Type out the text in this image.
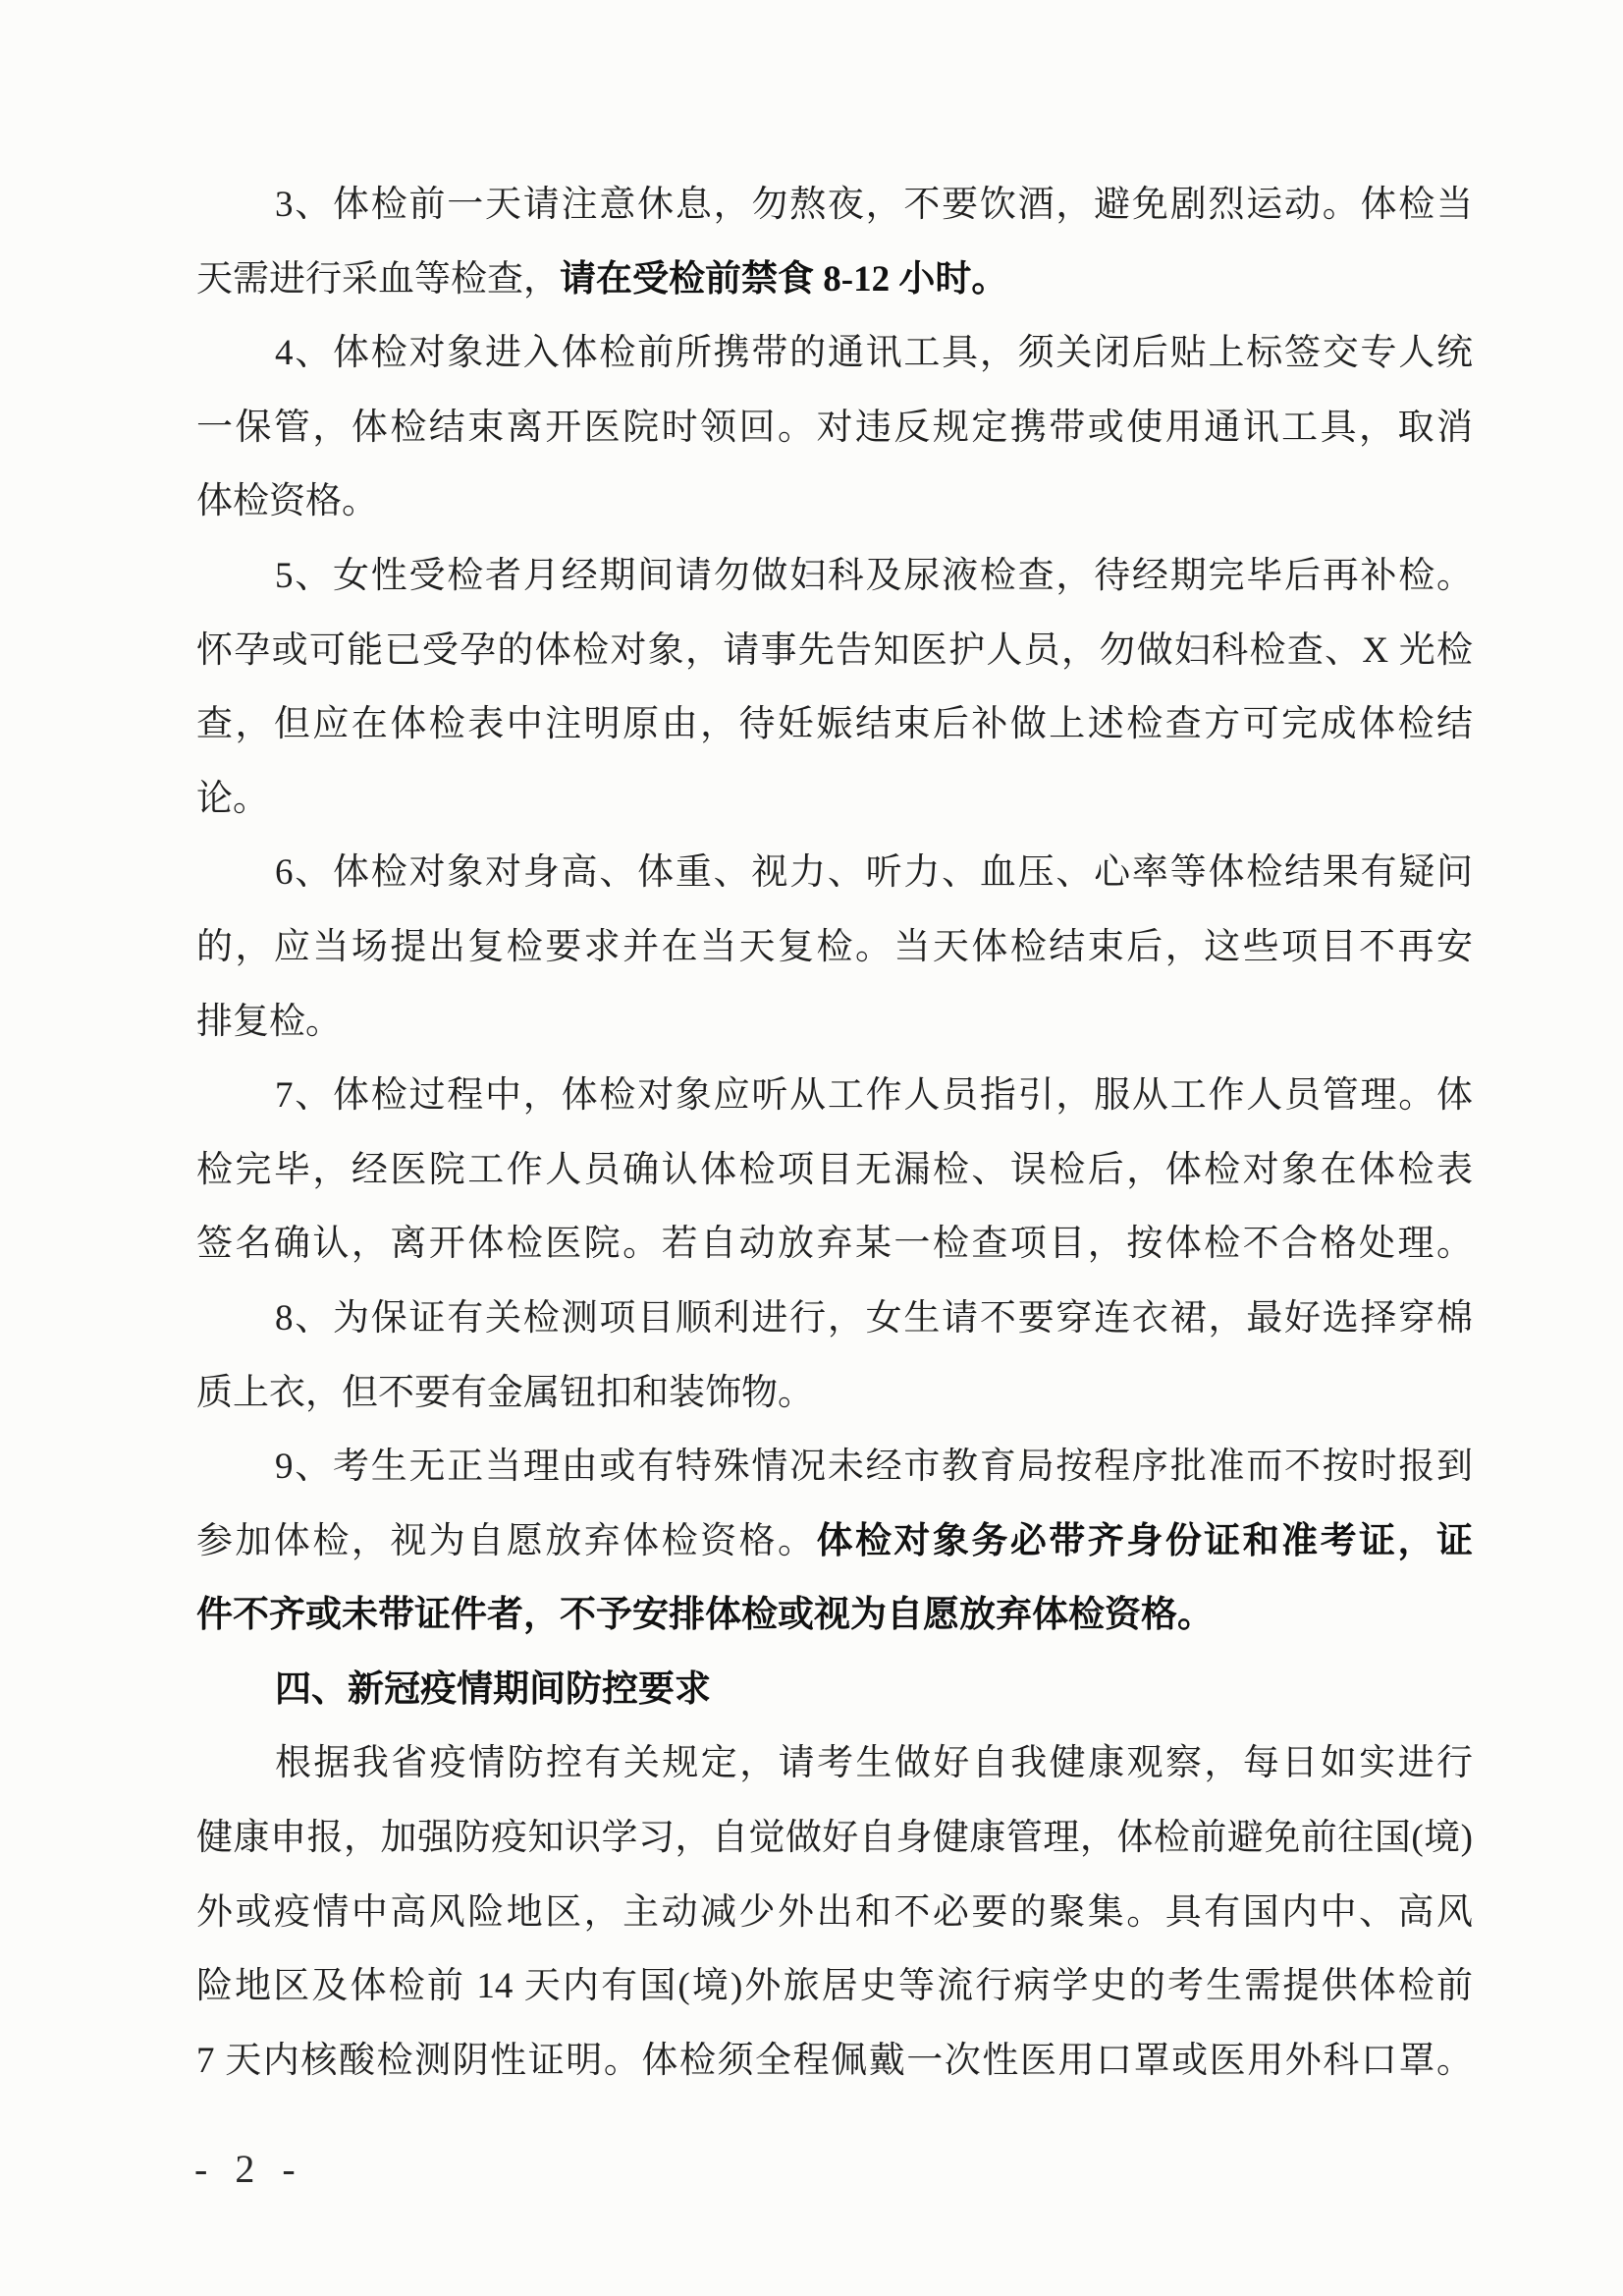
3、体检前一天请注意休息，勿熬夜，不要饮酒，避免剧烈运动。体检当
天需进行采血等检查，请在受检前禁食 8-12 小时。
4、体检对象进入体检前所携带的通讯工具，须关闭后贴上标签交专人统
一保管，体检结束离开医院时领回。对违反规定携带或使用通讯工具，取消
体检资格。
5、女性受检者月经期间请勿做妇科及尿液检查，待经期完毕后再补检。
怀孕或可能已受孕的体检对象，请事先告知医护人员，勿做妇科检查、X 光检
查，但应在体检表中注明原由，待妊娠结束后补做上述检查方可完成体检结
论。
6、体检对象对身高、体重、视力、听力、血压、心率等体检结果有疑问
的，应当场提出复检要求并在当天复检。当天体检结束后，这些项目不再安
排复检。
7、体检过程中，体检对象应听从工作人员指引，服从工作人员管理。体
检完毕，经医院工作人员确认体检项目无漏检、误检后，体检对象在体检表
签名确认，离开体检医院。若自动放弃某一检查项目，按体检不合格处理。
8、为保证有关检测项目顺利进行，女生请不要穿连衣裙，最好选择穿棉
质上衣，但不要有金属钮扣和装饰物。
9、考生无正当理由或有特殊情况未经市教育局按程序批准而不按时报到
参加体检，视为自愿放弃体检资格。体检对象务必带齐身份证和准考证，证
件不齐或未带证件者，不予安排体检或视为自愿放弃体检资格。
四、新冠疫情期间防控要求
根据我省疫情防控有关规定，请考生做好自我健康观察，每日如实进行
健康申报，加强防疫知识学习，自觉做好自身健康管理，体检前避免前往国(境)
外或疫情中高风险地区，主动减少外出和不必要的聚集。具有国内中、高风
险地区及体检前 14 天内有国(境)外旅居史等流行病学史的考生需提供体检前
7 天内核酸检测阴性证明。体检须全程佩戴一次性医用口罩或医用外科口罩。
- 2 -
